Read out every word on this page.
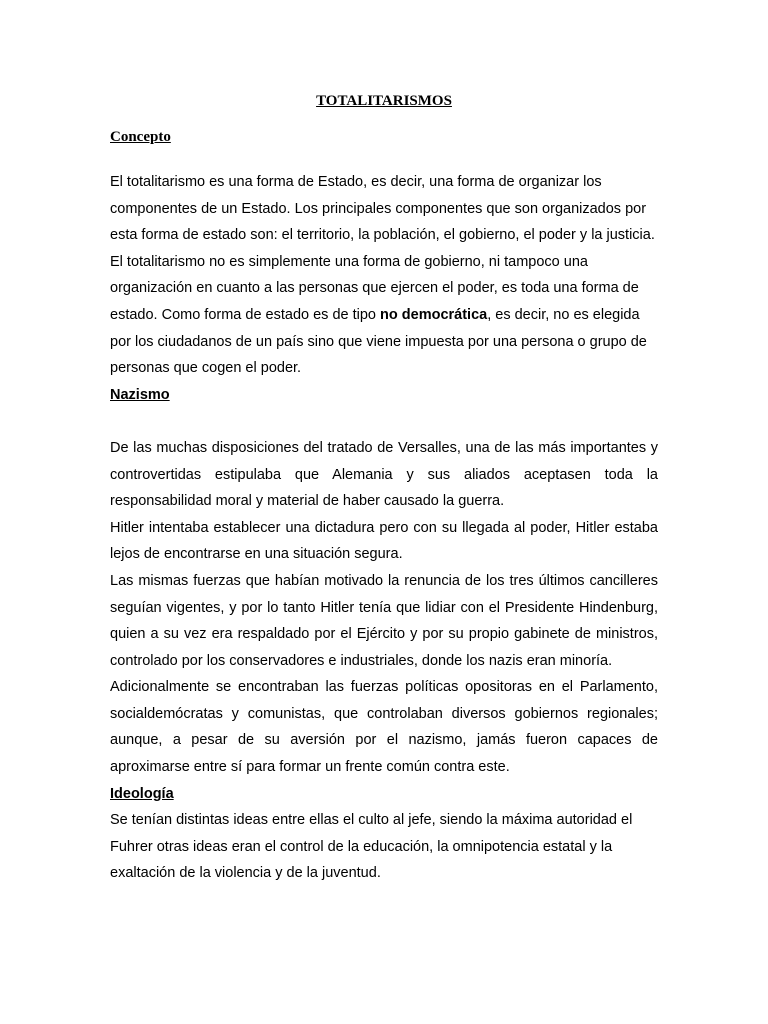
TOTALITARISMOS
Concepto

El totalitarismo es una forma de Estado, es decir, una forma de organizar los componentes de un Estado. Los principales componentes que son organizados por esta forma de estado son: el territorio, la población, el gobierno, el poder y la justicia.

El totalitarismo no es simplemente una forma de gobierno, ni tampoco una organización en cuanto a las personas que ejercen el poder, es toda una forma de estado. Como forma de estado es de tipo no democrática, es decir, no es elegida por los ciudadanos de un país sino que viene impuesta por una persona o grupo de personas que cogen el poder.

Nazismo

De las muchas disposiciones del tratado de Versalles, una de las más importantes y controvertidas estipulaba que Alemania y sus aliados aceptasen toda la responsabilidad moral y material de haber causado la guerra.

Hitler intentaba establecer una dictadura pero con su llegada al poder, Hitler estaba lejos de encontrarse en una situación segura.

Las mismas fuerzas que habían motivado la renuncia de los tres últimos cancilleres seguían vigentes, y por lo tanto Hitler tenía que lidiar con el Presidente Hindenburg, quien a su vez era respaldado por el Ejército y por su propio gabinete de ministros, controlado por los conservadores e industriales, donde los nazis eran minoría.

Adicionalmente se encontraban las fuerzas políticas opositoras en el Parlamento, socialdemócratas y comunistas, que controlaban diversos gobiernos regionales; aunque, a pesar de su aversión por el nazismo, jamás fueron capaces de aproximarse entre sí para formar un frente común contra este.

Ideología

Se tenían distintas ideas entre ellas el culto al jefe, siendo la máxima autoridad el Fuhrer otras ideas eran el control de la educación, la omnipotencia estatal y la exaltación de la violencia y de la juventud.
